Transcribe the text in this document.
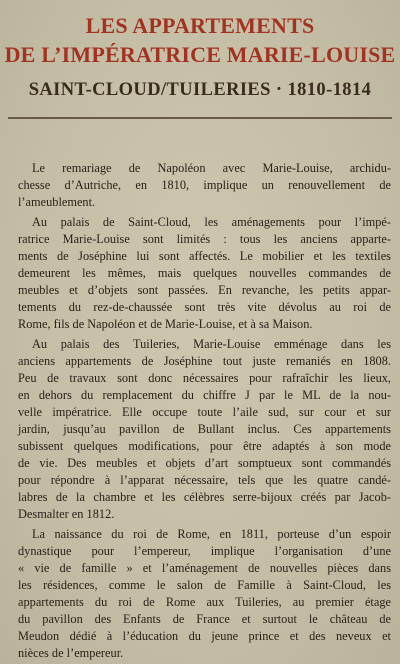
LES APPARTEMENTS
DE L’IMPÉRATRICE MARIE-LOUISE
SAINT-CLOUD/TUILERIES · 1810-1814
Le remariage de Napoléon avec Marie-Louise, archidu-
chesse d’Autriche, en 1810, implique un renouvellement de
l’ameublement.
Au palais de Saint-Cloud, les aménagements pour l’impé-
ratrice Marie-Louise sont limités : tous les anciens apparte-
ments de Joséphine lui sont affectés. Le mobilier et les textiles
demeurent les mêmes, mais quelques nouvelles commandes de
meubles et d’objets sont passées. En revanche, les petits appar-
tements du rez-de-chaussée sont très vite dévolus au roi de
Rome, fils de Napoléon et de Marie-Louise, et à sa Maison.
Au palais des Tuileries, Marie-Louise emménage dans les
anciens appartements de Joséphine tout juste remaniés en 1808.
Peu de travaux sont donc nécessaires pour rafraîchir les lieux,
en dehors du remplacement du chiffre J par le ML de la nou-
velle impératrice. Elle occupe toute l’aile sud, sur cour et sur
jardin, jusqu’au pavillon de Bullant inclus. Ces appartements
subissent quelques modifications, pour être adaptés à son mode
de vie. Des meubles et objets d’art somptueux sont commandés
pour répondre à l’apparat nécessaire, tels que les quatre candé-
labres de la chambre et les célèbres serre-bijoux créés par Jacob-
Desmalter en 1812.
La naissance du roi de Rome, en 1811, porteuse d’un espoir
dynastique pour l’empereur, implique l’organisation d’une
« vie de famille » et l’aménagement de nouvelles pièces dans
les résidences, comme le salon de Famille à Saint-Cloud, les
appartements du roi de Rome aux Tuileries, au premier étage
du pavillon des Enfants de France et surtout le château de
Meudon dédié à l’éducation du jeune prince et des neveux et
nièces de l’empereur.
